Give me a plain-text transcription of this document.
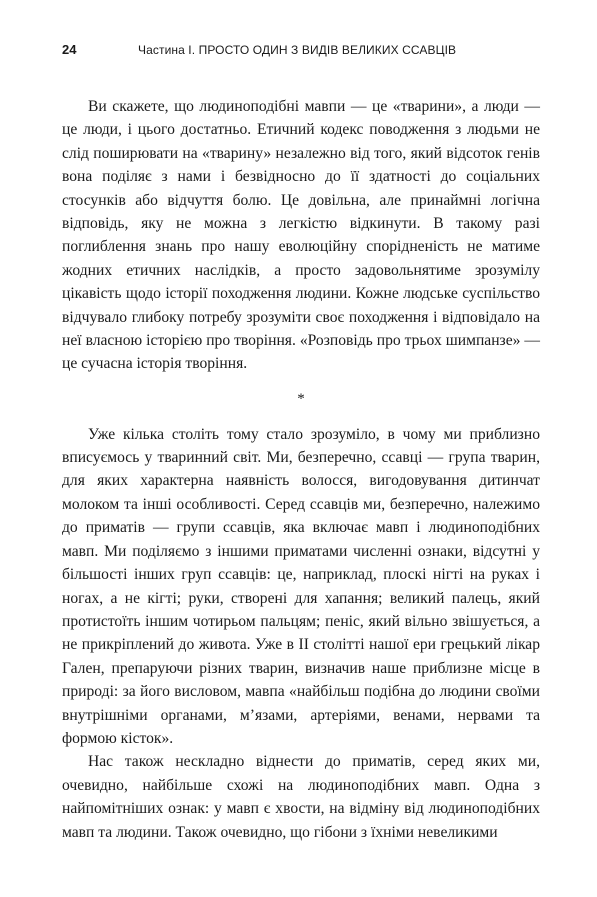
24	Частина I. ПРОСТО ОДИН З ВИДІВ ВЕЛИКИХ ССАВЦІВ

Ви скажете, що людиноподібні мавпи — це «тварини», а люди — це люди, і цього достатньо. Етичний кодекс поводження з людьми не слід поширювати на «тварину» незалежно від того, який відсоток генів вона поділяє з нами і безвідносно до її здатності до соціальних стосунків або відчуття болю. Це довільна, але принаймні логічна відповідь, яку не можна з легкістю відкинути. В такому разі поглиблення знань про нашу еволюційну спорідненість не матиме жодних етичних наслідків, а просто задовольнятиме зрозумілу цікавість щодо історії походження людини. Кожне людське суспільство відчувало глибоку потребу зрозуміти своє походження і відповідало на неї власною історією про творіння. «Розповідь про трьох шимпанзе» — це сучасна історія творіння.

*

Уже кілька століть тому стало зрозуміло, в чому ми приблизно вписуємось у тваринний світ. Ми, безперечно, ссавці — група тварин, для яких характерна наявність волосся, вигодовування дитинчат молоком та інші особливості. Серед ссавців ми, безперечно, належимо до приматів — групи ссавців, яка включає мавп і людиноподібних мавп. Ми поділяємо з іншими приматами численні ознаки, відсутні у більшості інших груп ссавців: це, наприклад, плоскі нігті на руках і ногах, а не кігті; руки, створені для хапання; великий палець, який протистоїть іншим чотирьом пальцям; пеніс, який вільно звішується, а не прикріплений до живота. Уже в II столітті нашої ери грецький лікар Гален, препаруючи різних тварин, визначив наше приблизне місце в природі: за його висловом, мавпа «найбільш подібна до людини своїми внутрішніми органами, м’язами, артеріями, венами, нервами та формою кісток».

Нас також нескладно віднести до приматів, серед яких ми, очевидно, найбільше схожі на людиноподібних мавп. Одна з найпомітніших ознак: у мавп є хвости, на відміну від людиноподібних мавп та людини. Також очевидно, що гібони з їхніми невеликими
